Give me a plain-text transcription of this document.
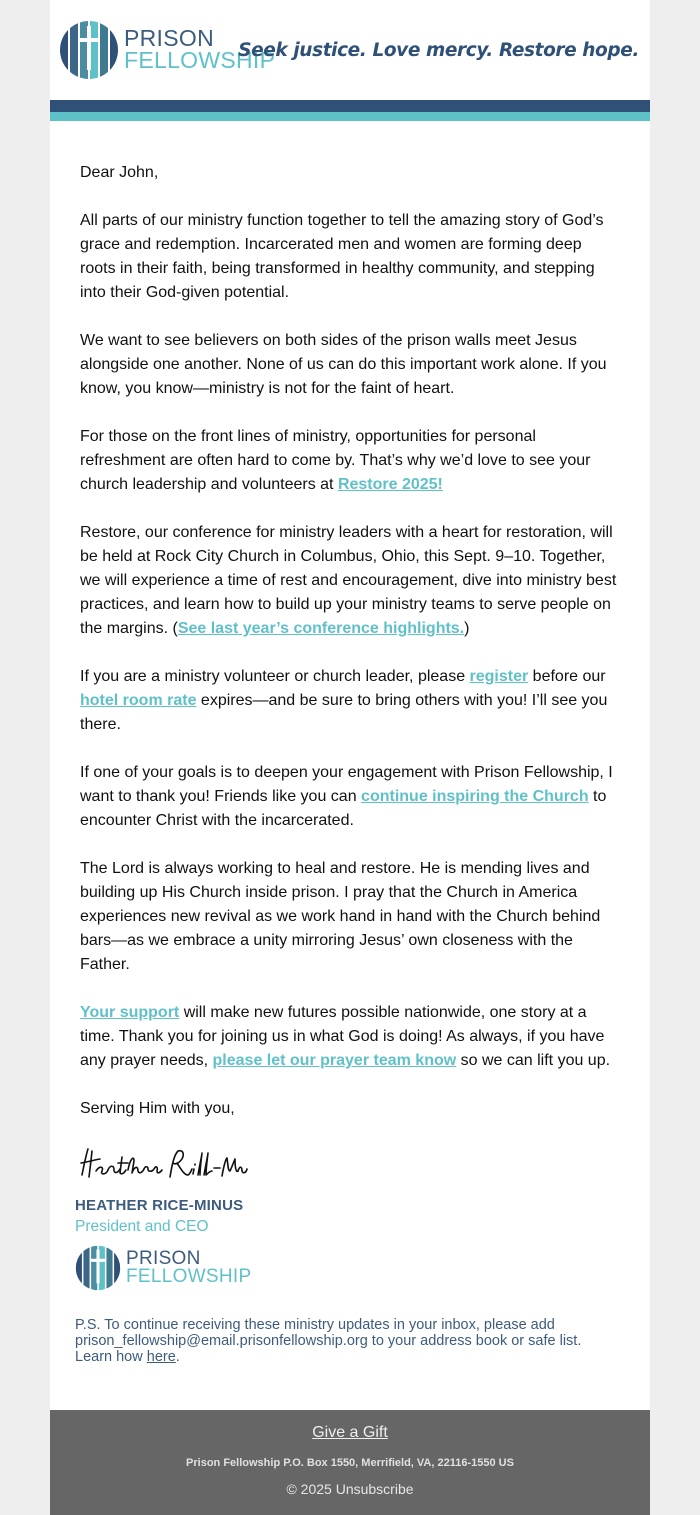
PRISON
FELLOWSHIP
Seek justice. Love mercy. Restore hope.

Dear John,

All parts of our ministry function together to tell the amazing story of God’s grace and redemption. Incarcerated men and women are forming deep roots in their faith, being transformed in healthy community, and stepping into their God-given potential.

We want to see believers on both sides of the prison walls meet Jesus alongside one another. None of us can do this important work alone. If you know, you know—ministry is not for the faint of heart.

For those on the front lines of ministry, opportunities for personal refreshment are often hard to come by. That’s why we’d love to see your church leadership and volunteers at Restore 2025!

Restore, our conference for ministry leaders with a heart for restoration, will be held at Rock City Church in Columbus, Ohio, this Sept. 9–10. Together, we will experience a time of rest and encouragement, dive into ministry best practices, and learn how to build up your ministry teams to serve people on the margins. (See last year’s conference highlights.)

If you are a ministry volunteer or church leader, please register before our hotel room rate expires—and be sure to bring others with you! I’ll see you there.

If one of your goals is to deepen your engagement with Prison Fellowship, I want to thank you! Friends like you can continue inspiring the Church to encounter Christ with the incarcerated.

The Lord is always working to heal and restore. He is mending lives and building up His Church inside prison. I pray that the Church in America experiences new revival as we work hand in hand with the Church behind bars—as we embrace a unity mirroring Jesus’ own closeness with the Father.

Your support will make new futures possible nationwide, one story at a time. Thank you for joining us in what God is doing! As always, if you have any prayer needs, please let our prayer team know so we can lift you up.

Serving Him with you,

HEATHER RICE-MINUS
President and CEO
PRISON
FELLOWSHIP
P.S. To continue receiving these ministry updates in your inbox, please add prison_fellowship@email.prisonfellowship.org to your address book or safe list. Learn how here.
Give a Gift
Prison Fellowship P.O. Box 1550, Merrifield, VA, 22116-1550 US
© 2025 Unsubscribe
